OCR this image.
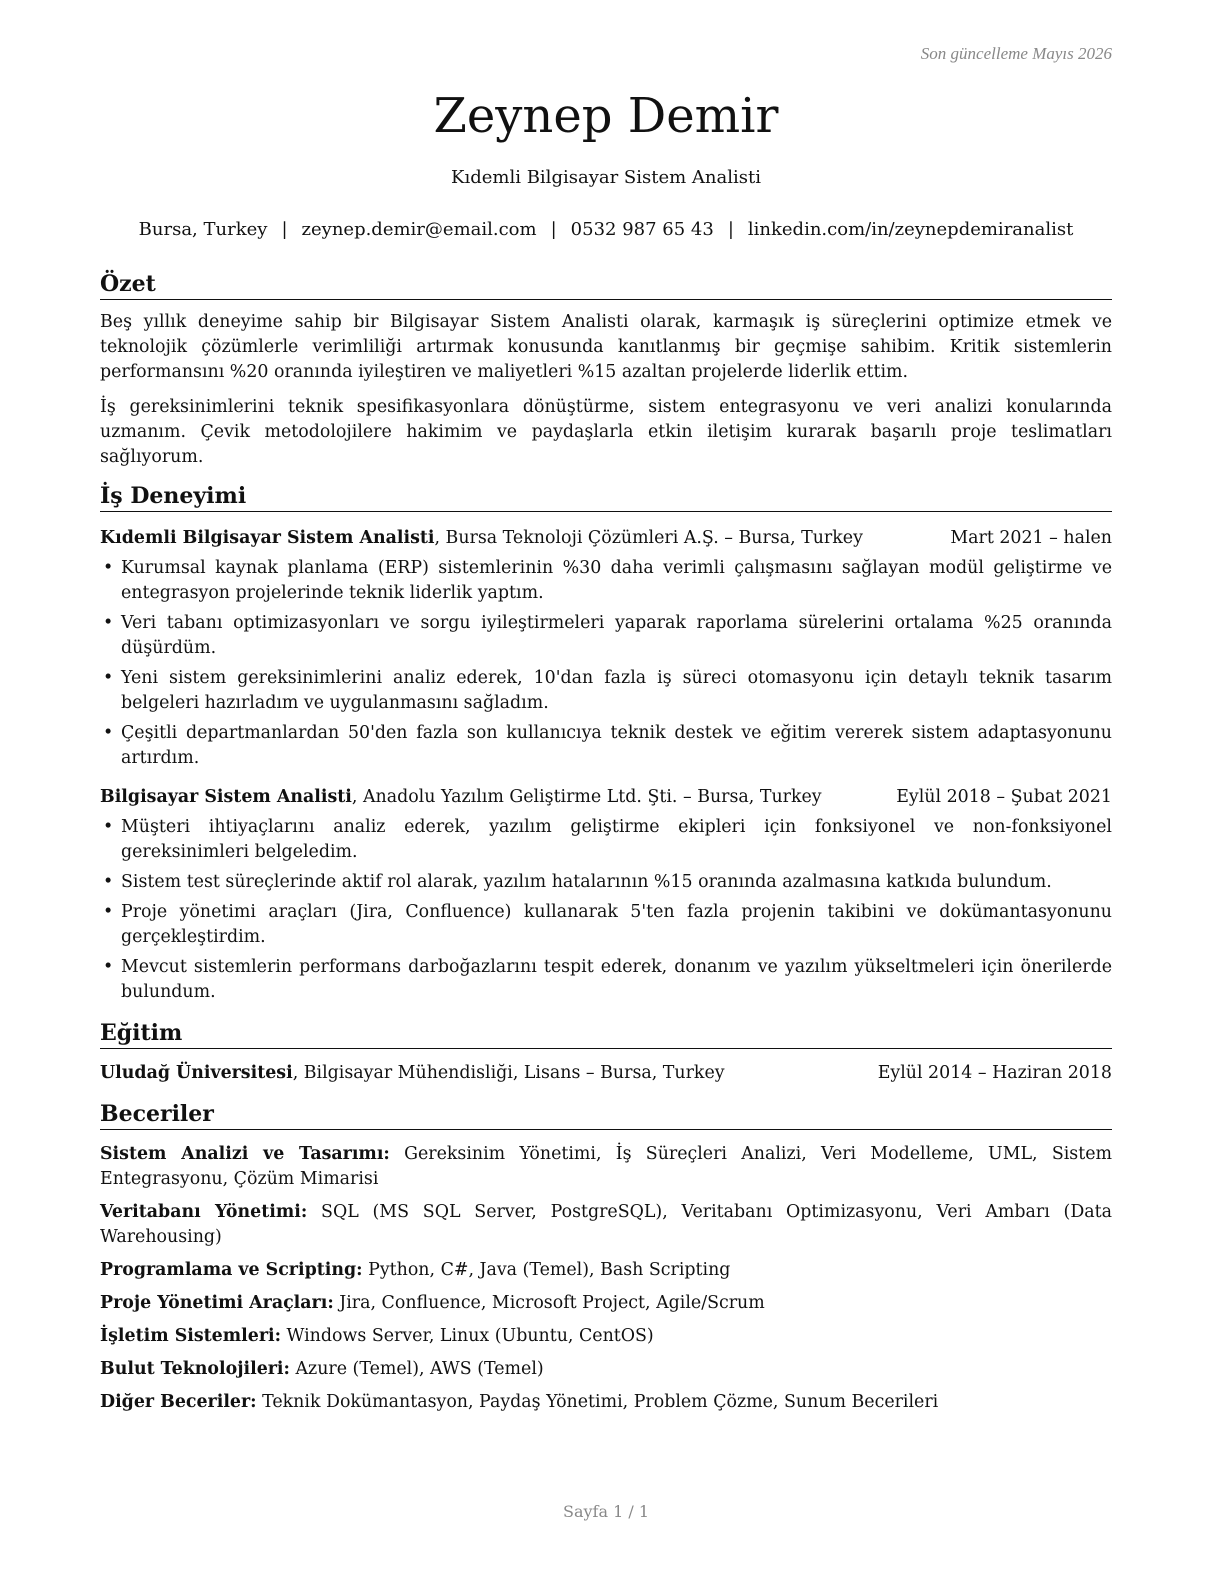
Son güncelleme Mayıs 2026
Zeynep Demir
Kıdemli Bilgisayar Sistem Analisti
Bursa, Turkey | zeynep.demir@email.com | 0532 987 65 43 | linkedin.com/in/zeynepdemiranalist
Özet

Beş yıllık deneyime sahip bir Bilgisayar Sistem Analisti olarak, karmaşık iş süreçlerini optimize etmek ve teknolojik çözümlerle verimliliği artırmak konusunda kanıtlanmış bir geçmişe sahibim. Kritik sistemlerin performansını %20 oranında iyileştiren ve maliyetleri %15 azaltan projelerde liderlik ettim.

İş gereksinimlerini teknik spesifikasyonlara dönüştürme, sistem entegrasyonu ve veri analizi konularında uzmanım. Çevik metodolojilere hakimim ve paydaşlarla etkin iletişim kurarak başarılı proje teslimatları sağlıyorum.

İş Deneyimi
Kıdemli Bilgisayar Sistem Analisti, Bursa Teknoloji Çözümleri A.Ş. – Bursa, Turkey	Mart 2021 – halen
• Kurumsal kaynak planlama (ERP) sistemlerinin %30 daha verimli çalışmasını sağlayan modül geliştirme ve entegrasyon projelerinde teknik liderlik yaptım.
• Veri tabanı optimizasyonları ve sorgu iyileştirmeleri yaparak raporlama sürelerini ortalama %25 oranında düşürdüm.
• Yeni sistem gereksinimlerini analiz ederek, 10'dan fazla iş süreci otomasyonu için detaylı teknik tasarım belgeleri hazırladım ve uygulanmasını sağladım.
• Çeşitli departmanlardan 50'den fazla son kullanıcıya teknik destek ve eğitim vererek sistem adaptasyonunu artırdım.
Bilgisayar Sistem Analisti, Anadolu Yazılım Geliştirme Ltd. Şti. – Bursa, Turkey	Eylül 2018 – Şubat 2021
• Müşteri ihtiyaçlarını analiz ederek, yazılım geliştirme ekipleri için fonksiyonel ve non-fonksiyonel gereksinimleri belgeledim.
• Sistem test süreçlerinde aktif rol alarak, yazılım hatalarının %15 oranında azalmasına katkıda bulundum.
• Proje yönetimi araçları (Jira, Confluence) kullanarak 5'ten fazla projenin takibini ve dokümantasyonunu gerçekleştirdim.
• Mevcut sistemlerin performans darboğazlarını tespit ederek, donanım ve yazılım yükseltmeleri için önerilerde bulundum.
Eğitim
Uludağ Üniversitesi, Bilgisayar Mühendisliği, Lisans – Bursa, Turkey	Eylül 2014 – Haziran 2018
Beceriler
Sistem Analizi ve Tasarımı: Gereksinim Yönetimi, İş Süreçleri Analizi, Veri Modelleme, UML, Sistem Entegrasyonu, Çözüm Mimarisi
Veritabanı Yönetimi: SQL (MS SQL Server, PostgreSQL), Veritabanı Optimizasyonu, Veri Ambarı (Data Warehousing)
Programlama ve Scripting: Python, C#, Java (Temel), Bash Scripting
Proje Yönetimi Araçları: Jira, Confluence, Microsoft Project, Agile/Scrum
İşletim Sistemleri: Windows Server, Linux (Ubuntu, CentOS)
Bulut Teknolojileri: Azure (Temel), AWS (Temel)
Diğer Beceriler: Teknik Dokümantasyon, Paydaş Yönetimi, Problem Çözme, Sunum Becerileri
Sayfa 1 / 1
